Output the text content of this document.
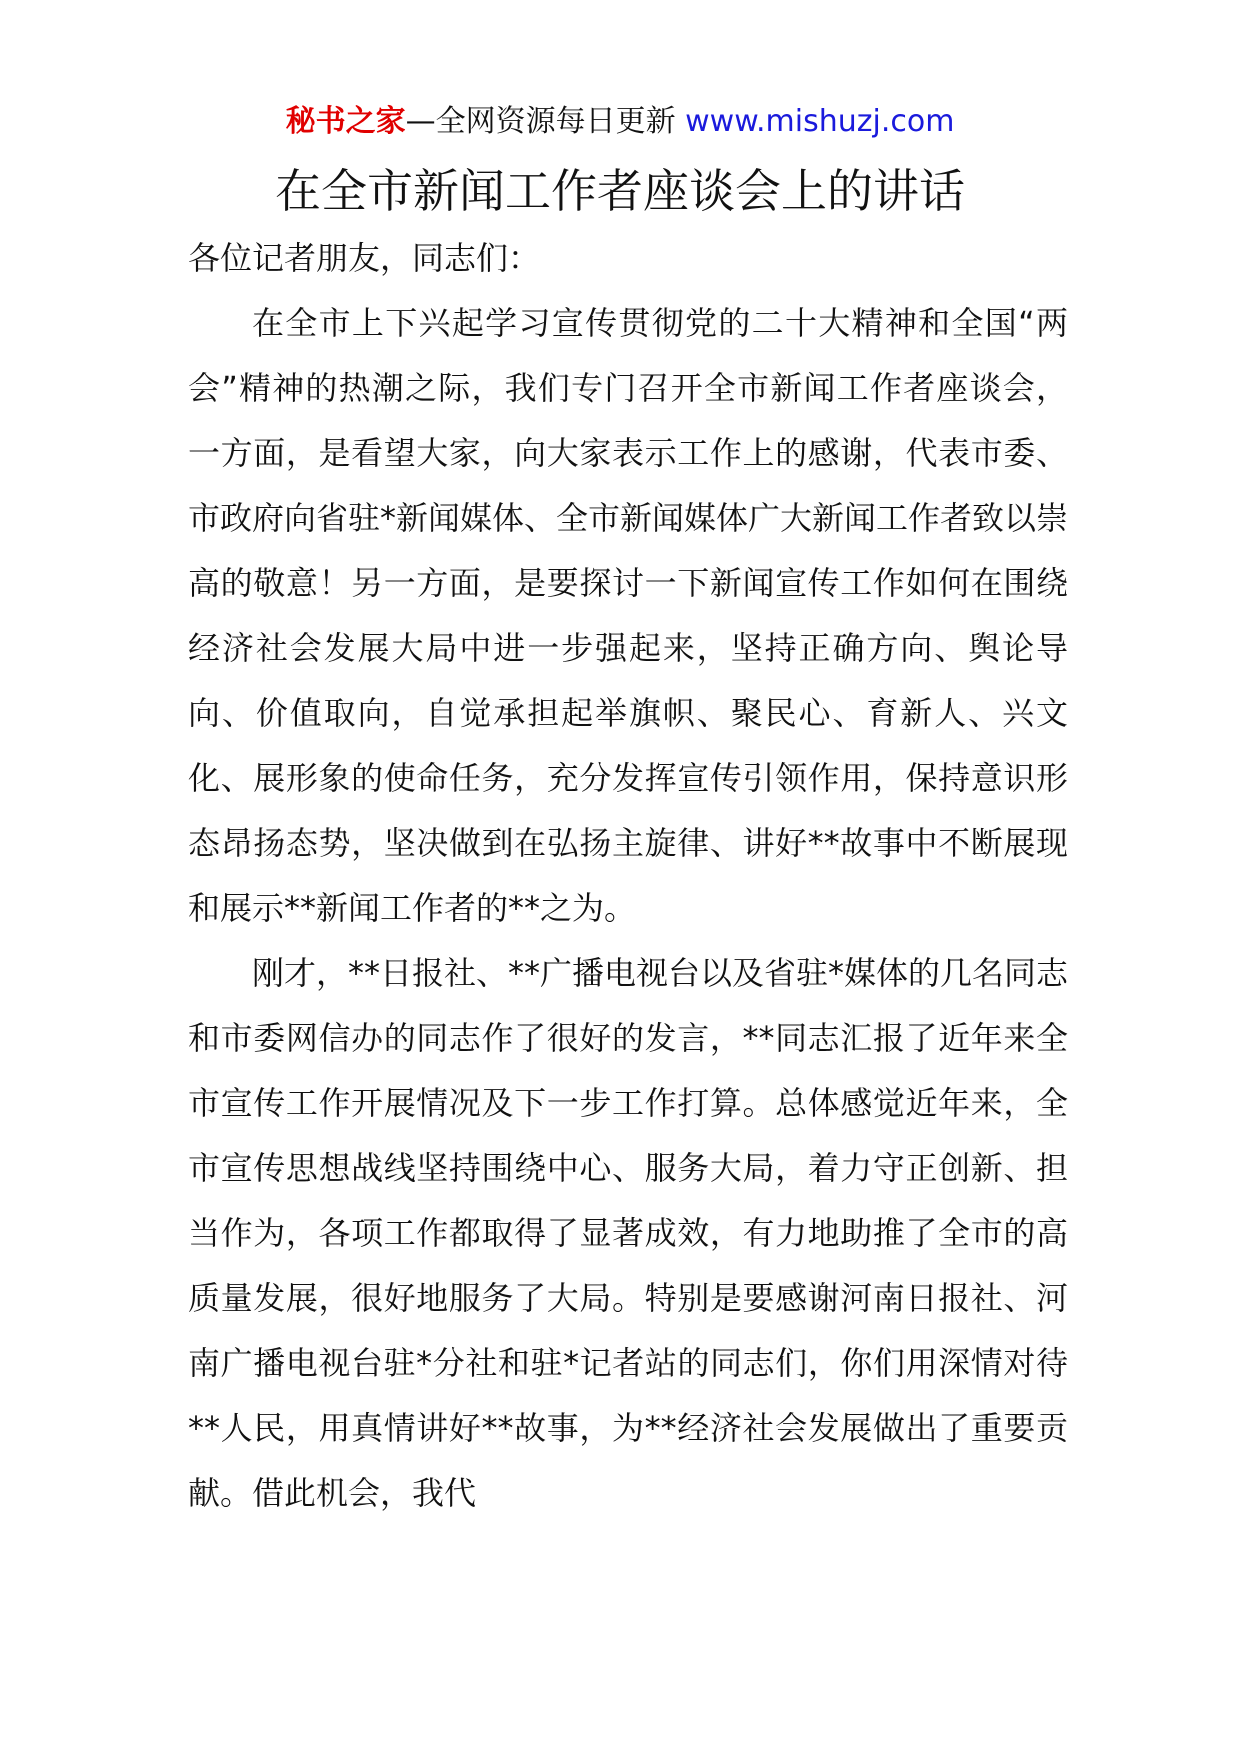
秘书之家—全网资源每日更新 www.mishuzj.com
在全市新闻工作者座谈会上的讲话

各位记者朋友，同志们：

在全市上下兴起学习宣传贯彻党的二十大精神和全国“两会”精神的热潮之际，我们专门召开全市新闻工作者座谈会，一方面，是看望大家，向大家表示工作上的感谢，代表市委、市政府向省驻*新闻媒体、全市新闻媒体广大新闻工作者致以崇高的敬意！另一方面，是要探讨一下新闻宣传工作如何在围绕经济社会发展大局中进一步强起来，坚持正确方向、舆论导向、价值取向，自觉承担起举旗帜、聚民心、育新人、兴文化、展形象的使命任务，充分发挥宣传引领作用，保持意识形态昂扬态势，坚决做到在弘扬主旋律、讲好**故事中不断展现和展示**新闻工作者的**之为。

刚才，**日报社、**广播电视台以及省驻*媒体的几名同志和市委网信办的同志作了很好的发言，**同志汇报了近年来全市宣传工作开展情况及下一步工作打算。总体感觉近年来，全市宣传思想战线坚持围绕中心、服务大局，着力守正创新、担当作为，各项工作都取得了显著成效，有力地助推了全市的高质量发展，很好地服务了大局。特别是要感谢河南日报社、河南广播电视台驻*分社和驻*记者站的同志们，你们用深情对待**人民，用真情讲好**故事，为**经济社会发展做出了重要贡献。借此机会，我代
